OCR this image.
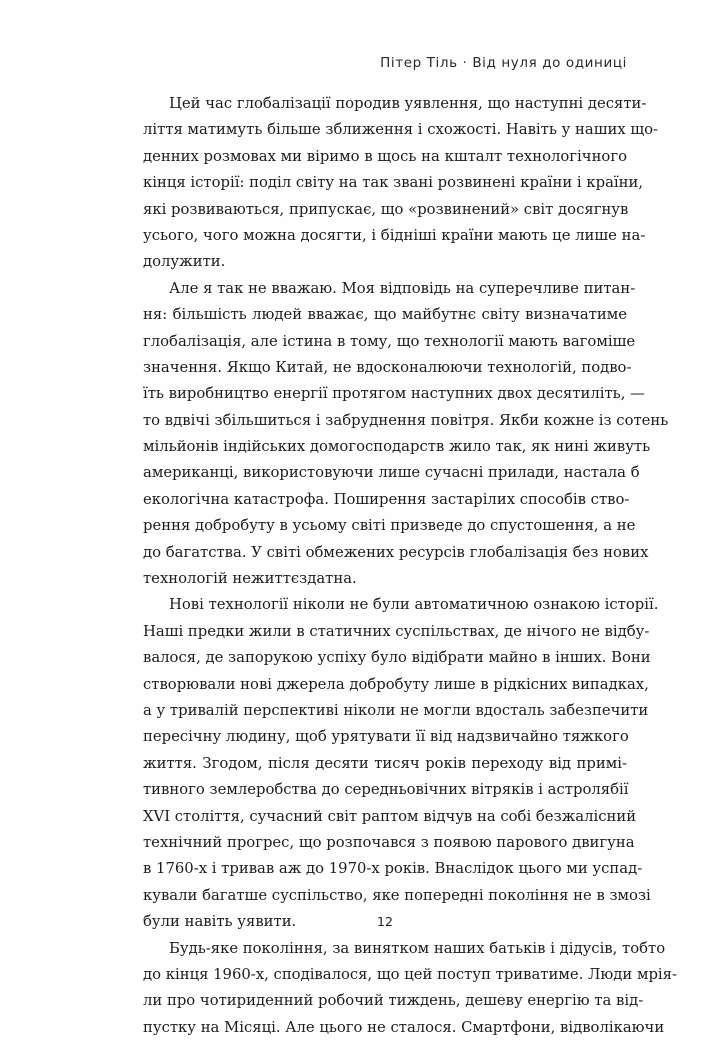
Пітер Тіль · Від нуля до одиниці
Цей час глобалізації породив уявлення, що наступні десяти-
ліття матимуть більше зближення і схожості. Навіть у наших що-
денних розмовах ми віримо в щось на кшталт технологічного
кінця історії: поділ світу на так звані розвинені країни і країни,
які розвиваються, припускає, що «розвинений» світ досягнув
усього, чого можна досягти, і бідніші країни мають це лише на-
долужити.
Але я так не вважаю. Моя відповідь на суперечливе питан-
ня: більшість людей вважає, що майбутнє світу визначатиме
глобалізація, але істина в тому, що технології мають вагоміше
значення. Якщо Китай, не вдосконалюючи технологій, подво-
їть виробництво енергії протягом наступних двох десятиліть, —
то вдвічі збільшиться і забруднення повітря. Якби кожне із сотень
мільйонів індійських домогосподарств жило так, як нині живуть
американці, використовуючи лише сучасні прилади, настала б
екологічна катастрофа. Поширення застарілих способів ство-
рення добробуту в усьому світі призведе до спустошення, а не
до багатства. У світі обмежених ресурсів глобалізація без нових
технологій нежиттєздатна.
Нові технології ніколи не були автоматичною ознакою історії.
Наші предки жили в статичних суспільствах, де нічого не відбу-
валося, де запорукою успіху було відібрати майно в інших. Вони
створювали нові джерела добробуту лише в рідкісних випадках,
а у тривалій перспективі ніколи не могли вдосталь забезпечити
пересічну людину, щоб урятувати її від надзвичайно тяжкого
життя. Згодом, після десяти тисяч років переходу від примі-
тивного землеробства до середньовічних вітряків і астролябії
XVI століття, сучасний світ раптом відчув на собі безжалісний
технічний прогрес, що розпочався з появою парового двигуна
в 1760-х і тривав аж до 1970-х років. Внаслідок цього ми успад-
кували багатше суспільство, яке попередні покоління не в змозі
були навіть уявити.
Будь-яке покоління, за винятком наших батьків і дідусів, тобто
до кінця 1960-х, сподівалося, що цей поступ триватиме. Люди мрія-
ли про чотириденний робочий тиждень, дешеву енергію та від-
пустку на Місяці. Але цього не сталося. Смартфони, відволікаючи
12
